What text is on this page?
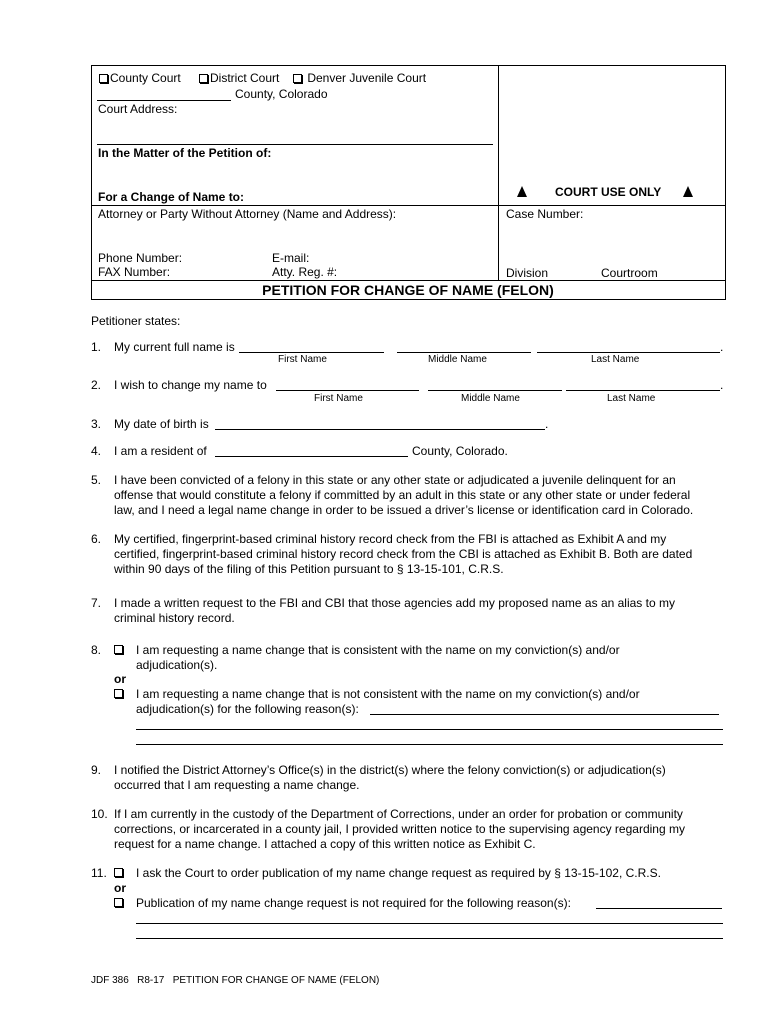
County Court	District Court	Denver Juvenile Court
County, Colorado
Court Address:
In the Matter of the Petition of:
For a Change of Name to:
Attorney or Party Without Attorney (Name and Address):
Phone Number:	E-mail:
FAX Number:	Atty. Reg. #:
COURT USE ONLY
Case Number:
Division	Courtroom
PETITION FOR CHANGE OF NAME (FELON)
Petitioner states:
1. My current full name is	.
First Name	Middle Name	Last Name
2. I wish to change my name to	.
First Name	Middle Name	Last Name
3. My date of birth is	.
4. I am a resident of	County, Colorado.
5. I have been convicted of a felony in this state or any other state or adjudicated a juvenile delinquent for an
offense that would constitute a felony if committed by an adult in this state or any other state or under federal
law, and I need a legal name change in order to be issued a driver’s license or identification card in Colorado.
6. My certified, fingerprint-based criminal history record check from the FBI is attached as Exhibit A and my
certified, fingerprint-based criminal history record check from the CBI is attached as Exhibit B. Both are dated
within 90 days of the filing of this Petition pursuant to § 13-15-101, C.R.S.
7. I made a written request to the FBI and CBI that those agencies add my proposed name as an alias to my
criminal history record.
8.	I am requesting a name change that is consistent with the name on my conviction(s) and/or
adjudication(s).
or
I am requesting a name change that is not consistent with the name on my conviction(s) and/or
adjudication(s) for the following reason(s):
9. I notified the District Attorney’s Office(s) in the district(s) where the felony conviction(s) or adjudication(s)
occurred that I am requesting a name change.
10. If I am currently in the custody of the Department of Corrections, under an order for probation or community
corrections, or incarcerated in a county jail, I provided written notice to the supervising agency regarding my
request for a name change. I attached a copy of this written notice as Exhibit C.
11. I ask the Court to order publication of my name change request as required by § 13-15-102, C.R.S.
or
Publication of my name change request is not required for the following reason(s):
JDF 386   R8-17   PETITION FOR CHANGE OF NAME (FELON)
